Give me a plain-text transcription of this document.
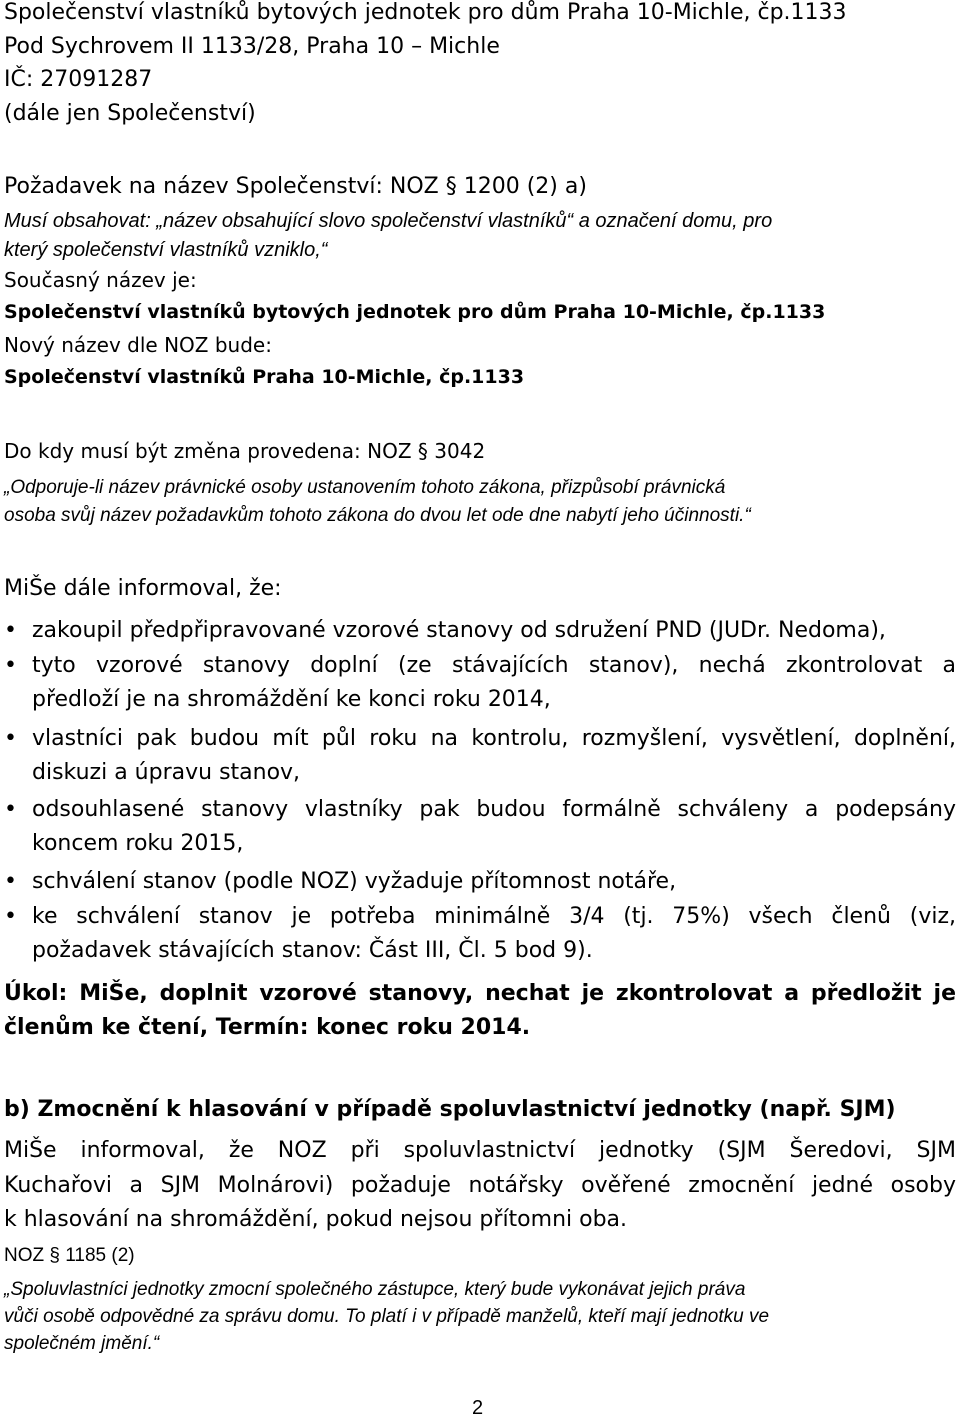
Společenství vlastníků bytových jednotek pro dům Praha 10-Michle, čp.1133
Pod Sychrovem II 1133/28, Praha 10 – Michle
IČ: 27091287
(dále jen Společenství)
Požadavek na název Společenství: NOZ § 1200 (2) a)
Musí obsahovat: „název obsahující slovo společenství vlastníků“ a označení domu, pro
který společenství vlastníků vzniklo,“
Současný název je:
Společenství vlastníků bytových jednotek pro dům Praha 10-Michle, čp.1133
Nový název dle NOZ bude:
Společenství vlastníků Praha 10-Michle, čp.1133
Do kdy musí být změna provedena: NOZ § 3042
„Odporuje-li název právnické osoby ustanovením tohoto zákona, přizpůsobí právnická
osoba svůj název požadavkům tohoto zákona do dvou let ode dne nabytí jeho účinnosti.“
MiŠe dále informoval, že:
• zakoupil předpřipravované vzorové stanovy od sdružení PND (JUDr. Nedoma),
• tyto vzorové stanovy doplní (ze stávajících stanov), nechá zkontrolovat a
předloží je na shromáždění ke konci roku 2014,
• vlastníci pak budou mít půl roku na kontrolu, rozmyšlení, vysvětlení, doplnění,
diskuzi a úpravu stanov,
• odsouhlasené stanovy vlastníky pak budou formálně schváleny a podepsány
koncem roku 2015,
• schválení stanov (podle NOZ) vyžaduje přítomnost notáře,
• ke schválení stanov je potřeba minimálně 3/4 (tj. 75%) všech členů (viz,
požadavek stávajících stanov: Část III, Čl. 5 bod 9).
Úkol: MiŠe, doplnit vzorové stanovy, nechat je zkontrolovat a předložit je
členům ke čtení, Termín: konec roku 2014.
b) Zmocnění k hlasování v případě spoluvlastnictví jednotky (např. SJM)
MiŠe informoval, že NOZ při spoluvlastnictví jednotky (SJM Šeredovi, SJM
Kuchařovi a SJM Molnárovi) požaduje notářsky ověřené zmocnění jedné osoby
k hlasování na shromáždění, pokud nejsou přítomni oba.
NOZ § 1185 (2)
„Spoluvlastníci jednotky zmocní společného zástupce, který bude vykonávat jejich práva
vůči osobě odpovědné za správu domu. To platí i v případě manželů, kteří mají jednotku ve
společném jmění.“
2
